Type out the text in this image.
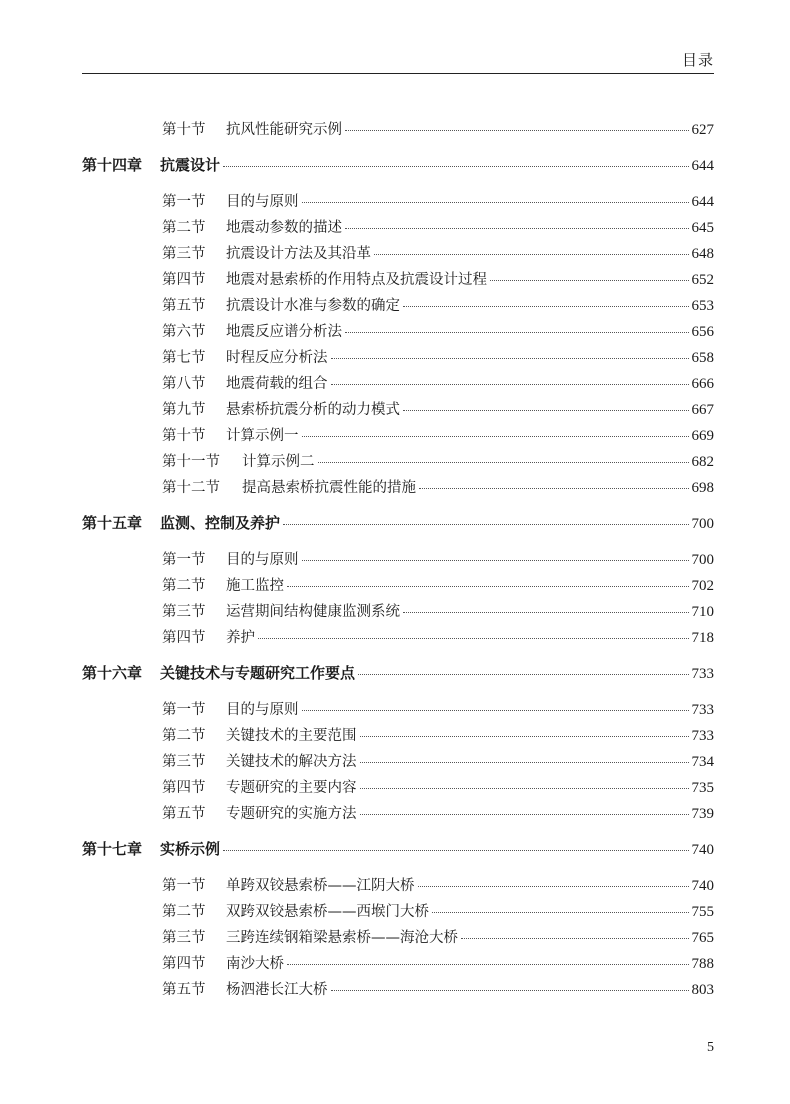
目录
第十节 抗风性能研究示例	627
第十四章 抗震设计	644
第一节 目的与原则	644
第二节 地震动参数的描述	645
第三节 抗震设计方法及其沿革	648
第四节 地震对悬索桥的作用特点及抗震设计过程	652
第五节 抗震设计水准与参数的确定	653
第六节 地震反应谱分析法	656
第七节 时程反应分析法	658
第八节 地震荷载的组合	666
第九节 悬索桥抗震分析的动力模式	667
第十节 计算示例一	669
第十一节 计算示例二	682
第十二节 提高悬索桥抗震性能的措施	698
第十五章 监测、控制及养护	700
第一节 目的与原则	700
第二节 施工监控	702
第三节 运营期间结构健康监测系统	710
第四节 养护	718
第十六章 关键技术与专题研究工作要点	733
第一节 目的与原则	733
第二节 关键技术的主要范围	733
第三节 关键技术的解决方法	734
第四节 专题研究的主要内容	735
第五节 专题研究的实施方法	739
第十七章 实桥示例	740
第一节 单跨双铰悬索桥——江阴大桥	740
第二节 双跨双铰悬索桥——西堠门大桥	755
第三节 三跨连续钢箱梁悬索桥——海沧大桥	765
第四节 南沙大桥	788
第五节 杨泗港长江大桥	803
5
